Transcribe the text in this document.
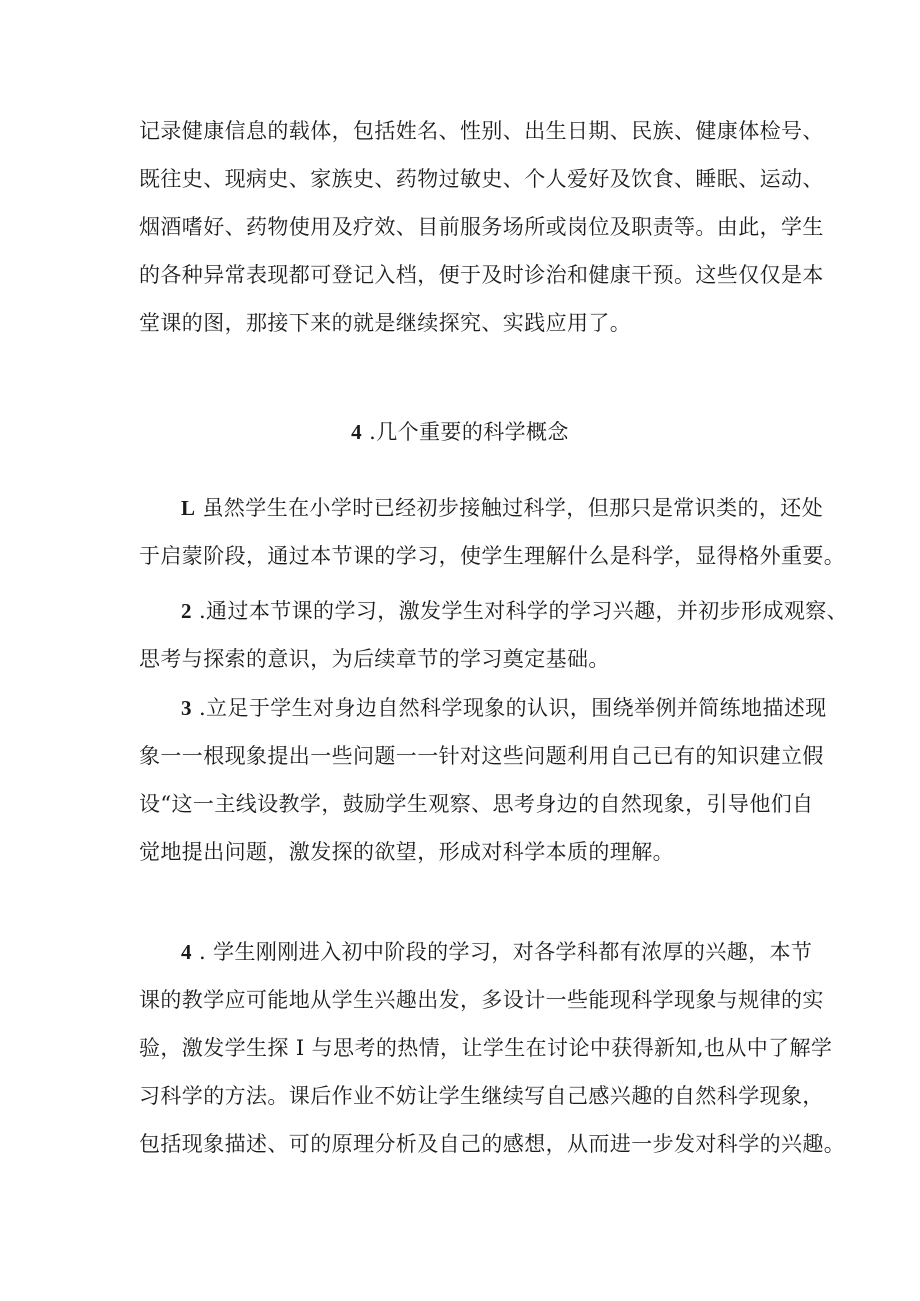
记录健康信息的载体，包括姓名、性别、出生日期、民族、健康体检号、
既往史、现病史、家族史、药物过敏史、个人爱好及饮食、睡眠、运动、
烟酒嗜好、药物使用及疗效、目前服务场所或岗位及职责等。由此，学生
的各种异常表现都可登记入档，便于及时诊治和健康干预。这些仅仅是本
堂课的图，那接下来的就是继续探究、实践应用了。
4 .几个重要的科学概念
L 虽然学生在小学时已经初步接触过科学，但那只是常识类的，还处
于启蒙阶段，通过本节课的学习，使学生理解什么是科学，显得格外重要。
2 .通过本节课的学习，激发学生对科学的学习兴趣，并初步形成观察、
思考与探索的意识，为后续章节的学习奠定基础。
3 .立足于学生对身边自然科学现象的认识，围绕举例并简练地描述现
象一一根现象提出一些问题一一针对这些问题利用自己已有的知识建立假
设“这一主线设教学，鼓励学生观察、思考身边的自然现象，引导他们自
觉地提出问题，激发探的欲望，形成对科学本质的理解。
4 . 学生刚刚进入初中阶段的学习，对各学科都有浓厚的兴趣，本节
课的教学应可能地从学生兴趣出发，多设计一些能现科学现象与规律的实
验，激发学生探 I 与思考的热情，让学生在讨论中获得新知,也从中了解学
习科学的方法。课后作业不妨让学生继续写自己感兴趣的自然科学现象，
包括现象描述、可的原理分析及自己的感想，从而进一步发对科学的兴趣。
